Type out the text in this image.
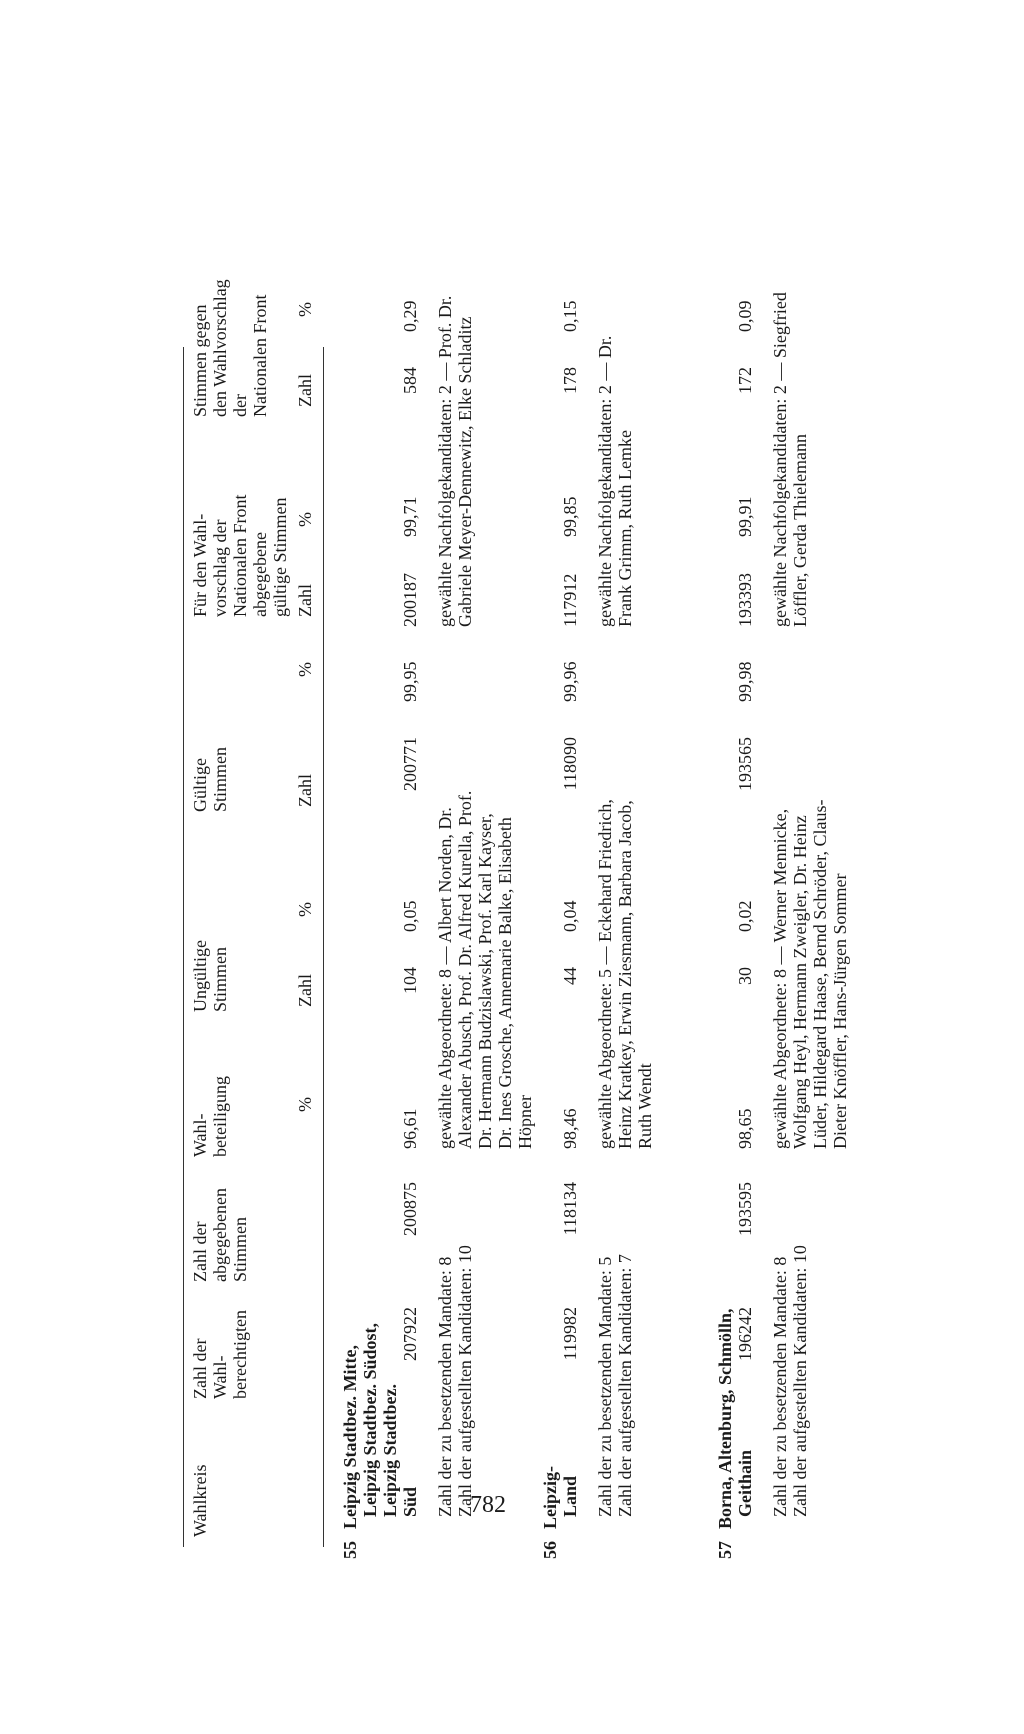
Wahlkreis
Zahl der Wahl- berechtigten
Zahl der abgegebenen Stimmen
Wahl- beteiligung
Ungültige Stimmen
Gültige Stimmen
Für den Wahl- vorschlag der Nationalen Front abgegebene gültige Stimmen
Stimmen gegen den Wahlvorschlag der Nationalen Front
%
Zahl
%
Zahl
%
Zahl
%
Zahl
%
55
Leipzig Stadtbez. Mitte, Leipzig Stadtbez. Südost, Leipzig Stadtbez. Süd
207922
200875
96,61
104
0,05
200771
99,95
200187
99,71
584
0,29
Zahl der zu besetzenden Mandate: 8
Zahl der aufgestellten Kandidaten: 10
gewählte Abgeordnete: 8 — Albert Norden, Dr. Alexander Abusch, Prof. Dr. Alfred Kurella, Prof. Dr. Hermann Budzislawski, Prof. Karl Kayser, Dr. Ines Grosche, Annemarie Balke, Elisabeth Höpner
gewählte Nachfolgekandidaten: 2 — Prof. Dr. Gabriele Meyer-Dennewitz, Elke Schladitz
56
Leipzig- Land
119982
118134
98,46
44
0,04
118090
99,96
117912
99,85
178
0,15
Zahl der zu besetzenden Mandate: 5
Zahl der aufgestellten Kandidaten: 7
gewählte Abgeordnete: 5 — Eckehard Friedrich, Heinz Kratkey, Erwin Ziesmann, Barbara Jacob, Ruth Wendt
gewählte Nachfolgekandidaten: 2 — Dr. Frank Grimm, Ruth Lemke
57
Borna, Altenburg, Schmölln, Geithain
196242
193595
98,65
30
0,02
193565
99,98
193393
99,91
172
0,09
Zahl der zu besetzenden Mandate: 8
Zahl der aufgestellten Kandidaten: 10
gewählte Abgeordnete: 8 — Werner Mennicke, Wolfgang Heyl, Hermann Zweigler, Dr. Heinz Lüder, Hildegard Haase, Bernd Schröder, Claus- Dieter Knöffler, Hans-Jürgen Sommer
gewählte Nachfolgekandidaten: 2 — Siegfried Löffler, Gerda Thielemann
782
